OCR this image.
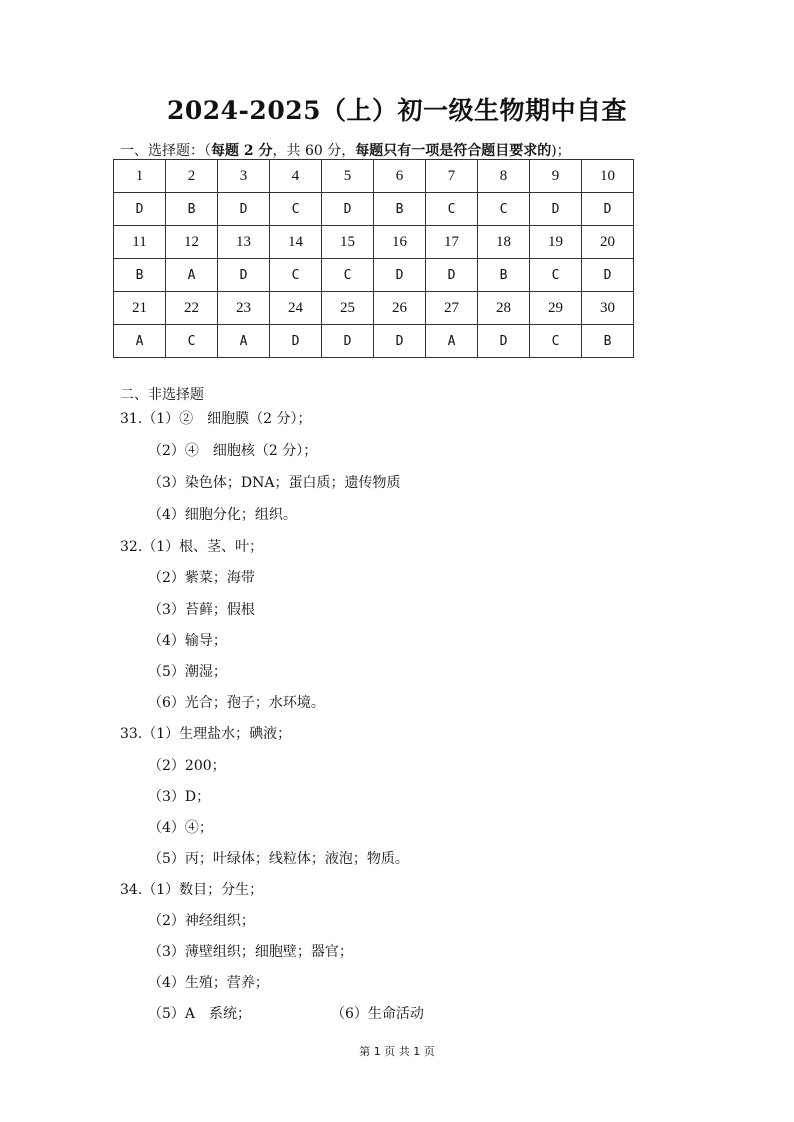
2024-2025（上）初一级生物期中自查
一、选择题：（每题 2 分，共 60 分，每题只有一项是符合题目要求的)；
1	2	3	4	5	6	7	8	9	10
D	B	D	C	D	B	C	C	D	D
11	12	13	14	15	16	17	18	19	20
B	A	D	C	C	D	D	B	C	D
21	22	23	24	25	26	27	28	29	30
A	C	A	D	D	D	A	D	C	B
二、非选择题
31.（1）②　细胞膜（2 分）；
（2）④　细胞核（2 分）；
（3）染色体；DNA；蛋白质；遗传物质
（4）细胞分化；组织。
32.（1）根、茎、叶；
（2）紫菜；海带
（3）苔藓；假根
（4）输导；
（5）潮湿；
（6）光合；孢子；水环境。
33.（1）生理盐水；碘液；
（2）200；
（3）D；
（4）④；
（5）丙；叶绿体；线粒体；液泡；物质。
34.（1）数目；分生；
（2）神经组织；
（3）薄壁组织；细胞壁；器官；
（4）生殖；营养；
（5）A　系统；	（6）生命活动
第 1 页 共 1 页
